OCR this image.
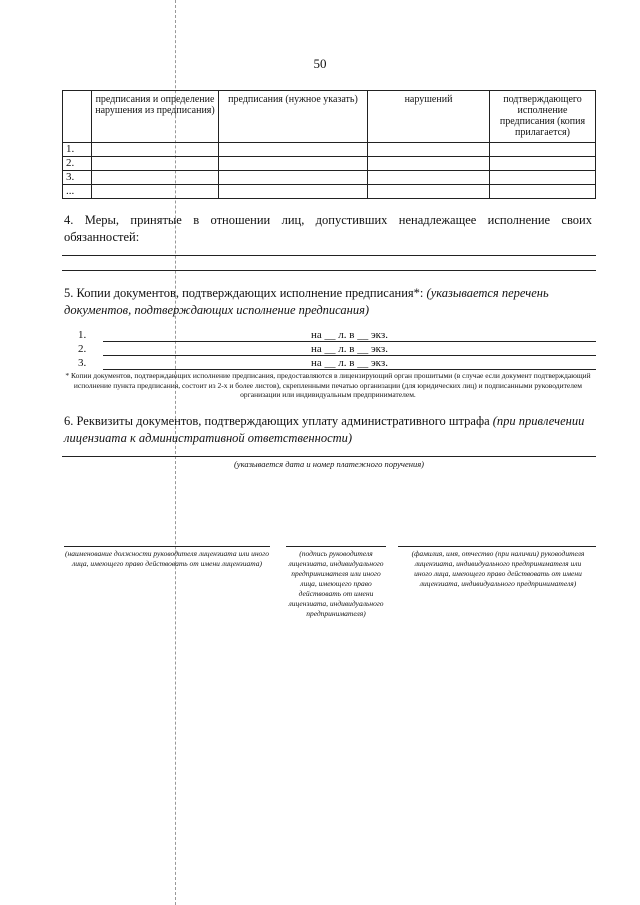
50
	предписания и определение нарушения из предписания)	предписания (нужное указать)	нарушений	подтверждающего исполнение предписания (копия прилагается)
1.				
2.				
3.				
...				
4. Меры, принятые в отношении лиц, допустивших ненадлежащее исполнение своих обязанностей:
5. Копии документов, подтверждающих исполнение предписания*: (указывается перечень документов, подтверждающих исполнение предписания)
1.	на __ л. в __ экз.
2.	на __ л. в __ экз.
3.	на __ л. в __ экз.
* Копии документов, подтверждающих исполнение предписания, предоставляются в лицензирующий орган прошитыми (в случае если документ подтверждающий исполнение пункта предписания, состоит из 2-х и более листов), скрепленными печатью организации (для юридических лиц) и подписанными руководителем организации или индивидуальным предпринимателем.
6. Реквизиты документов, подтверждающих уплату административного штрафа (при привлечении лицензиата к административной ответственности)
(указывается дата и номер платежного поручения)
(наименование должности руководителя лицензиата или иного лица, имеющего право действовать от имени лицензиата)
(подпись руководителя лицензиата, индивидуального предпринимателя или иного лица, имеющего право действовать от имени лицензиата, индивидуального предпринимателя)
(фамилия, имя, отчество (при наличии) руководителя лицензиата, индивидуального предпринимателя или иного лица, имеющего право действовать от имени лицензиата, индивидуального предпринимателя)
